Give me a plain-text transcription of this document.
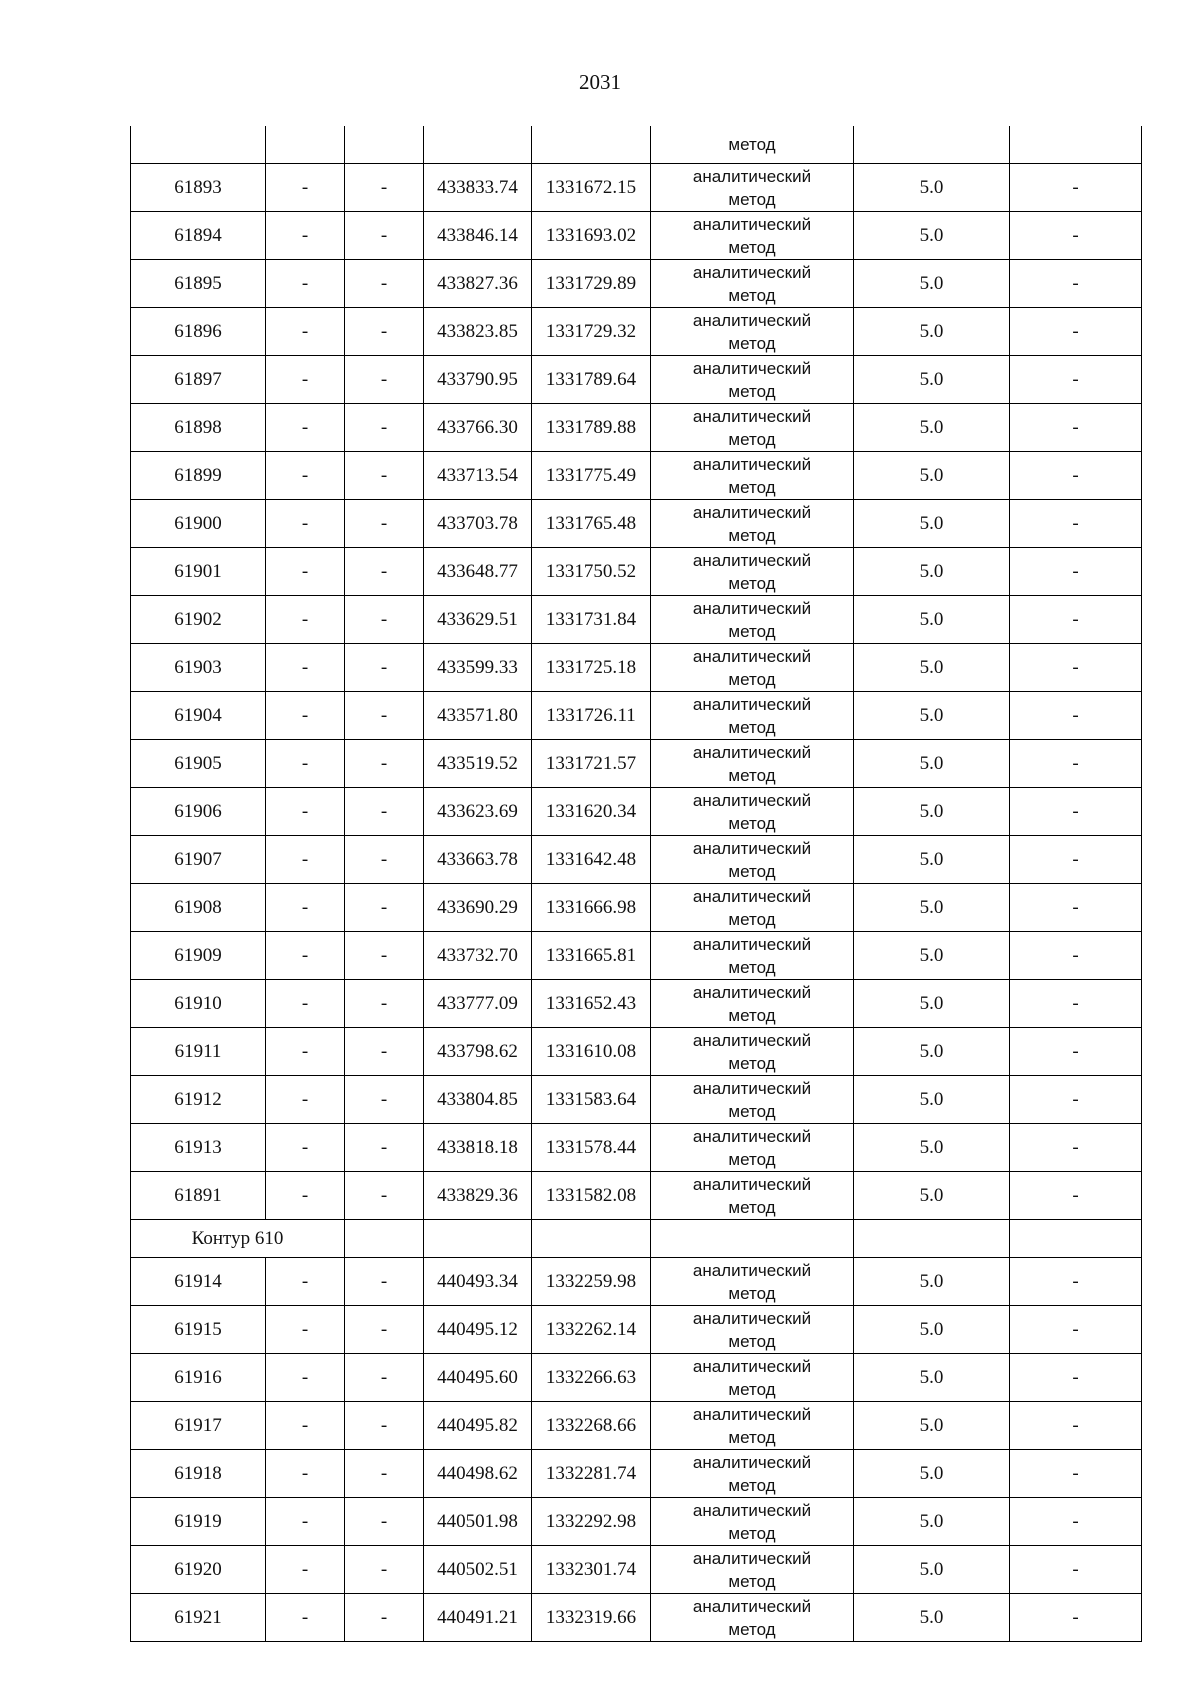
2031
					метод		
61893	-	-	433833.74	1331672.15	аналитический
метод	5.0	-
61894	-	-	433846.14	1331693.02	аналитический
метод	5.0	-
61895	-	-	433827.36	1331729.89	аналитический
метод	5.0	-
61896	-	-	433823.85	1331729.32	аналитический
метод	5.0	-
61897	-	-	433790.95	1331789.64	аналитический
метод	5.0	-
61898	-	-	433766.30	1331789.88	аналитический
метод	5.0	-
61899	-	-	433713.54	1331775.49	аналитический
метод	5.0	-
61900	-	-	433703.78	1331765.48	аналитический
метод	5.0	-
61901	-	-	433648.77	1331750.52	аналитический
метод	5.0	-
61902	-	-	433629.51	1331731.84	аналитический
метод	5.0	-
61903	-	-	433599.33	1331725.18	аналитический
метод	5.0	-
61904	-	-	433571.80	1331726.11	аналитический
метод	5.0	-
61905	-	-	433519.52	1331721.57	аналитический
метод	5.0	-
61906	-	-	433623.69	1331620.34	аналитический
метод	5.0	-
61907	-	-	433663.78	1331642.48	аналитический
метод	5.0	-
61908	-	-	433690.29	1331666.98	аналитический
метод	5.0	-
61909	-	-	433732.70	1331665.81	аналитический
метод	5.0	-
61910	-	-	433777.09	1331652.43	аналитический
метод	5.0	-
61911	-	-	433798.62	1331610.08	аналитический
метод	5.0	-
61912	-	-	433804.85	1331583.64	аналитический
метод	5.0	-
61913	-	-	433818.18	1331578.44	аналитический
метод	5.0	-
61891	-	-	433829.36	1331582.08	аналитический
метод	5.0	-
Контур 610							
61914	-	-	440493.34	1332259.98	аналитический
метод	5.0	-
61915	-	-	440495.12	1332262.14	аналитический
метод	5.0	-
61916	-	-	440495.60	1332266.63	аналитический
метод	5.0	-
61917	-	-	440495.82	1332268.66	аналитический
метод	5.0	-
61918	-	-	440498.62	1332281.74	аналитический
метод	5.0	-
61919	-	-	440501.98	1332292.98	аналитический
метод	5.0	-
61920	-	-	440502.51	1332301.74	аналитический
метод	5.0	-
61921	-	-	440491.21	1332319.66	аналитический
метод	5.0	-
